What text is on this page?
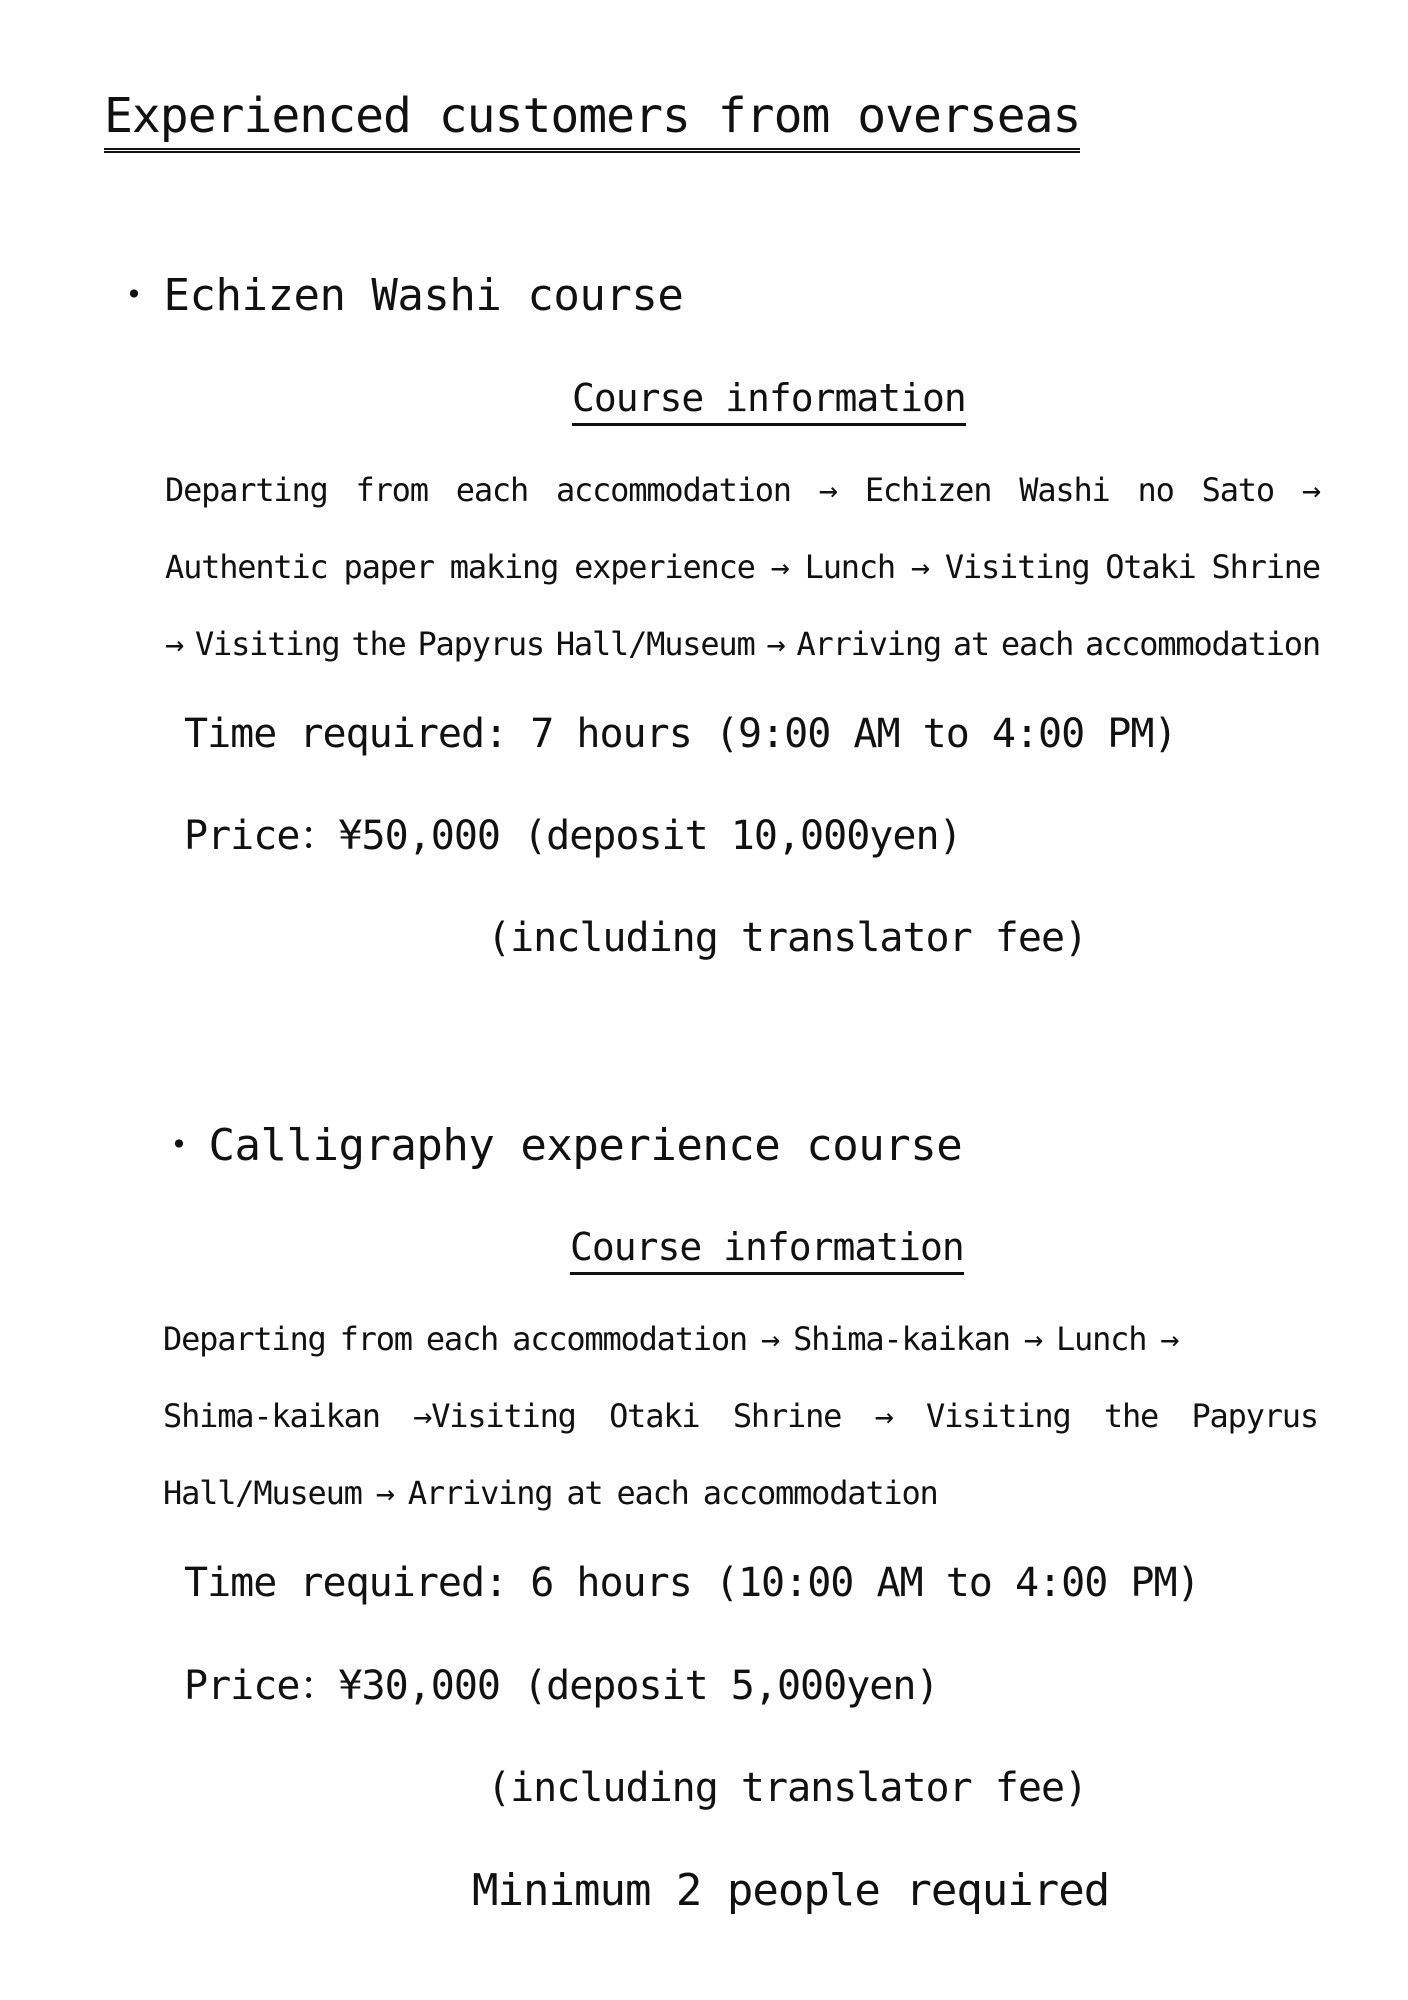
Experienced customers from overseas
・ Echizen Washi course
Course information
Departing from each accommodation → Echizen Washi no Sato →
Authentic paper making experience → Lunch → Visiting Otaki Shrine
→ Visiting the Papyrus Hall/Museum → Arriving at each accommodation
Time required: 7 hours (9:00 AM to 4:00 PM)
Price：¥50,000 (deposit 10,000yen)
(including translator fee)
・ Calligraphy experience course
Course information
Departing from each accommodation → Shima-kaikan → Lunch →
Shima-kaikan →Visiting Otaki Shrine → Visiting the Papyrus
Hall/Museum → Arriving at each accommodation
Time required: 6 hours (10:00 AM to 4:00 PM)
Price：¥30,000 (deposit 5,000yen)
(including translator fee)
Minimum 2 people required
